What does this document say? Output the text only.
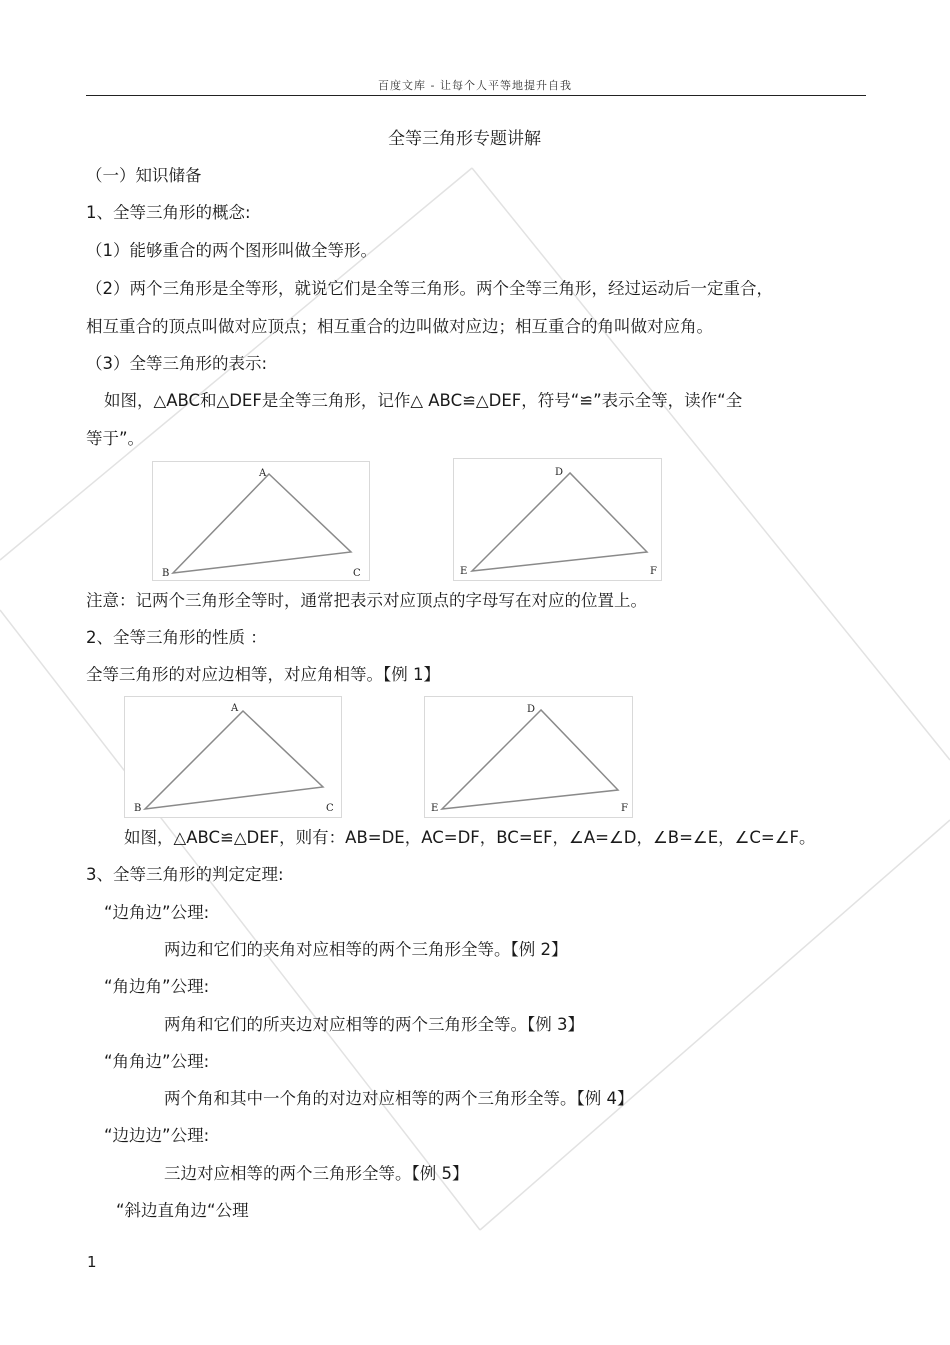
百度文库 - 让每个人平等地提升自我
全等三角形专题讲解
（一）知识储备
1、全等三角形的概念:
（1）能够重合的两个图形叫做全等形。
（2）两个三角形是全等形，就说它们是全等三角形。两个全等三角形，经过运动后一定重合，
相互重合的顶点叫做对应顶点；相互重合的边叫做对应边；相互重合的角叫做对应角。
（3）全等三角形的表示:
如图，△ABC和△DEF是全等三角形，记作△ ABC≌△DEF，符号“≌”表示全等，读作“全
等于”。
A
B	C
D
E	F
注意：记两个三角形全等时，通常把表示对应顶点的字母写在对应的位置上。
2、全等三角形的性质 ：
全等三角形的对应边相等，对应角相等。【例 1】
A
B	C
D
E	F
如图，△ABC≌△DEF，则有：AB=DE，AC=DF，BC=EF，∠A=∠D，∠B=∠E，∠C=∠F。
3、全等三角形的判定定理:
“边角边”公理:
两边和它们的夹角对应相等的两个三角形全等。【例 2】
“角边角”公理:
两角和它们的所夹边对应相等的两个三角形全等。【例 3】
“角角边”公理:
两个角和其中一个角的对边对应相等的两个三角形全等。【例 4】
“边边边”公理:
三边对应相等的两个三角形全等。【例 5】
“斜边直角边“公理
1
